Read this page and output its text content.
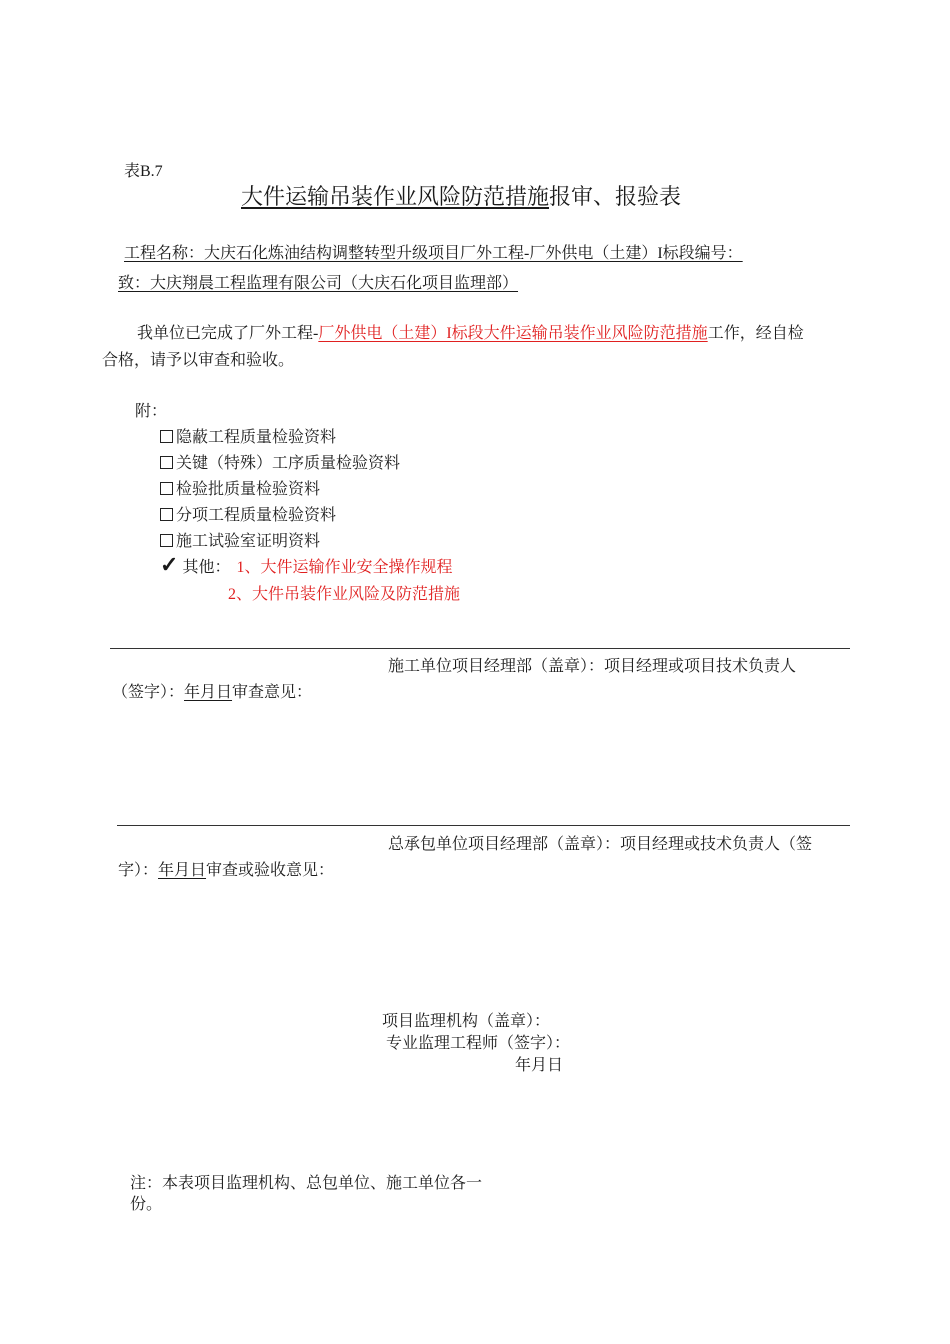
表B.7
大件运输吊装作业风险防范措施报审、报验表
工程名称：大庆石化炼油结构调整转型升级项目厂外工程-厂外供电（土建）I标段编号：
致：大庆翔晨工程监理有限公司（大庆石化项目监理部）
我单位已完成了厂外工程-厂外供电（土建）I标段大件运输吊装作业风险防范措施工作，经自检
合格，请予以审查和验收。
附：
隐蔽工程质量检验资料
关键（特殊）工序质量检验资料
检验批质量检验资料
分项工程质量检验资料
施工试验室证明资料
✓ 其他： 1、大件运输作业安全操作规程
2、大件吊装作业风险及防范措施
施工单位项目经理部（盖章）：项目经理或项目技术负责人
（签字）：年月日审查意见：
总承包单位项目经理部（盖章）：项目经理或技术负责人（签
字）：年月日审查或验收意见：
项目监理机构（盖章）：
专业监理工程师（签字）：
年月日
注：本表项目监理机构、总包单位、施工单位各一
份。
